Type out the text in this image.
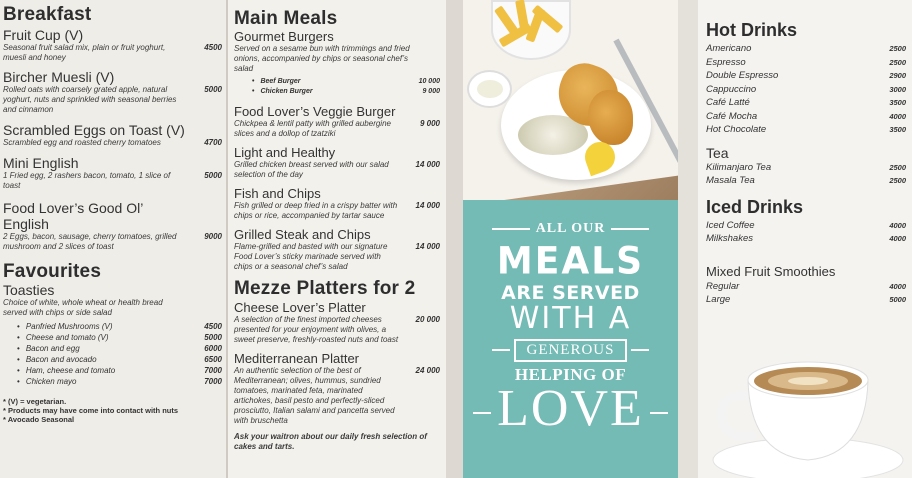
Breakfast
Fruit Cup (V)
Seasonal fruit salad mix, plain or fruit yoghurt, muesli and honey
4500
Bircher Muesli (V)
Rolled oats with coarsely grated apple, natural yoghurt, nuts and sprinkled with seasonal berries and cinnamon
5000
Scrambled Eggs on Toast (V)
Scrambled egg and roasted cherry tomatoes	4700
Mini English
1 Fried egg, 2 rashers bacon, tomato, 1 slice of toast
5000
Food Lover’s Good Ol’ English
2 Eggs, bacon, sausage, cherry tomatoes, grilled mushroom and 2 slices of toast
9000
Favourites
Toasties
Choice of white, whole wheat or health bread served with chips or side salad
• Panfried Mushrooms (V)	4500
• Cheese and tomato (V)	5000
• Bacon and egg	6000
• Bacon and avocado	6500
• Ham, cheese and tomato	7000
• Chicken mayo	7000
* (V) = vegetarian.
* Products may have come into contact with nuts
* Avocado Seasonal
Main Meals
Gourmet Burgers
Served on a sesame bun with trimmings and fried onions, accompanied by chips or seasonal chef’s salad
• Beef Burger	10 000
• Chicken Burger	9 000
Food Lover’s Veggie Burger
Chickpea & lentil patty with grilled aubergine slices and a dollop of tzatziki
9 000
Light and Healthy
Grilled chicken breast served with our salad selection of the day
14 000
Fish and Chips
Fish grilled or deep fried in a crispy batter with chips or rice, accompanied by tartar sauce
14 000
Grilled Steak and Chips
Flame-grilled and basted with our signature Food Lover’s sticky marinade served with chips or a seasonal chef’s salad
14 000
Mezze Platters for 2
Cheese Lover’s Platter
A selection of the finest imported cheeses presented for your enjoyment with olives, a sweet preserve, freshly-roasted nuts and toast
20 000
Mediterranean Platter
An authentic selection of the best of Mediterranean; olives, hummus, sundried tomatoes, marinated feta, marinated artichokes, basil pesto and perfectly-sliced prosciutto, Italian salami and pancetta served with bruschetta
24 000
Ask your waitron about our daily fresh selection of cakes and tarts.
ALL OUR
MEALS
ARE SERVED
WITH A
GENEROUS
HELPING OF
LOVE
Hot Drinks
Americano	2500
Espresso	2500
Double Espresso	2900
Cappuccino	3000
Café Latté	3500
Café Mocha	4000
Hot Chocolate	3500
Tea
Kilimanjaro Tea	2500
Masala Tea	2500
Iced Drinks
Iced Coffee	4000
Milkshakes	4000
Mixed Fruit Smoothies
Regular	4000
Large	5000
